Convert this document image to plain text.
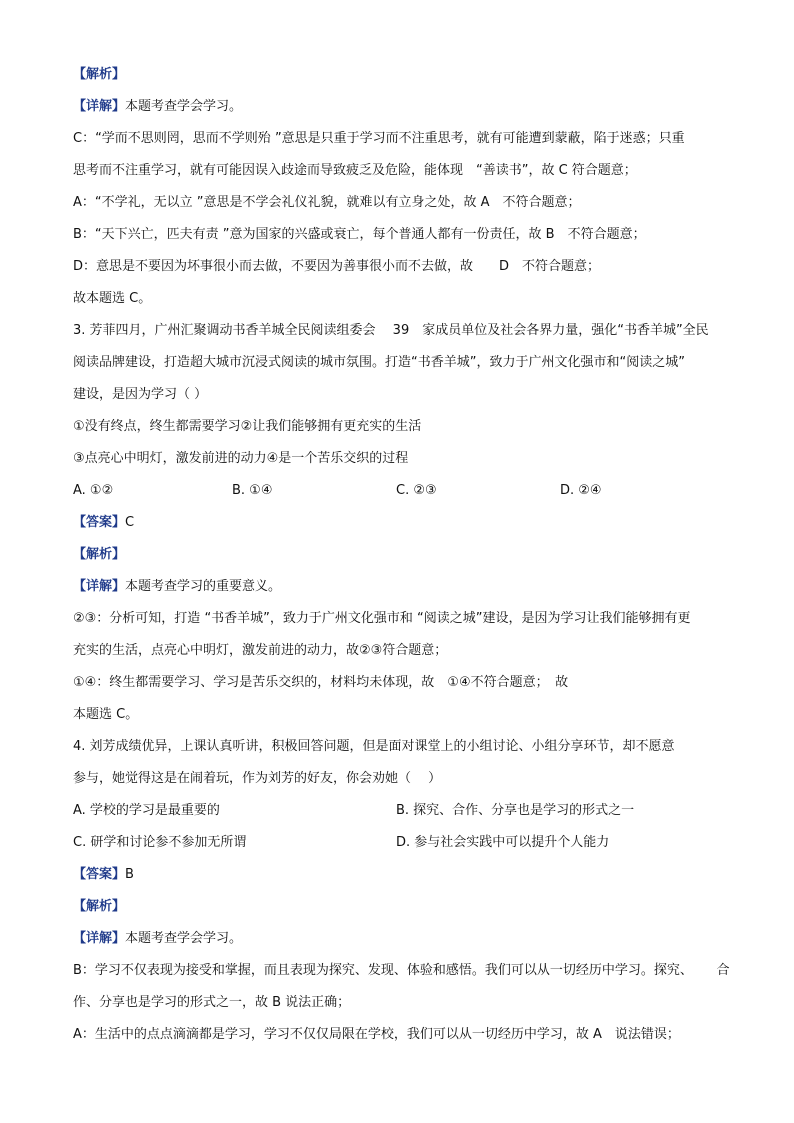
【解析】
【详解】本题考查学会学习。
C：“学而不思则罔，思而不学则殆 ”意思是只重于学习而不注重思考，就有可能遭到蒙蔽，陷于迷惑；只重
思考而不注重学习，就有可能因误入歧途而导致疲乏及危险，能体现　“善读书”，故 C 符合题意；
A：“不学礼，无以立 ”意思是不学会礼仪礼貌，就难以有立身之处，故 A　不符合题意；
B：“天下兴亡，匹夫有责 ”意为国家的兴盛或衰亡，每个普通人都有一份责任，故 B　不符合题意；
D：意思是不要因为坏事很小而去做，不要因为善事很小而不去做，故　　D　不符合题意；
故本题选 C。
3. 芳菲四月，广州汇聚调动书香羊城全民阅读组委会　 39　家成员单位及社会各界力量，强化“书香羊城”全民
阅读品牌建设，打造超大城市沉浸式阅读的城市氛围。打造“书香羊城”，致力于广州文化强市和“阅读之城”
建设，是因为学习（ ）
①没有终点，终生都需要学习②让我们能够拥有更充实的生活
③点亮心中明灯，激发前进的动力④是一个苦乐交织的过程
A. ①②	B. ①④	C. ②③	D. ②④
【答案】C
【解析】
【详解】本题考查学习的重要意义。
②③：分析可知，打造 “书香羊城”，致力于广州文化强市和 “阅读之城”建设，是因为学习让我们能够拥有更
充实的生活，点亮心中明灯，激发前进的动力，故②③符合题意；
①④：终生都需要学习、学习是苦乐交织的，材料均未体现，故　①④不符合题意；　故
本题选 C。
4. 刘芳成绩优异，上课认真听讲，积极回答问题，但是面对课堂上的小组讨论、小组分享环节，却不愿意
参与，她觉得这是在闹着玩，作为刘芳的好友，你会劝她（　 ）
A. 学校的学习是最重要的	B. 探究、合作、分享也是学习的形式之一
C. 研学和讨论参不参加无所谓	D. 参与社会实践中可以提升个人能力
【答案】B
【解析】
【详解】本题考查学会学习。
B：学习不仅表现为接受和掌握，而且表现为探究、发现、体验和感悟。我们可以从一切经历中学习。探究、　　 合
作、分享也是学习的形式之一，故 B 说法正确；
A：生活中的点点滴滴都是学习，学习不仅仅局限在学校，我们可以从一切经历中学习，故 A　说法错误；
